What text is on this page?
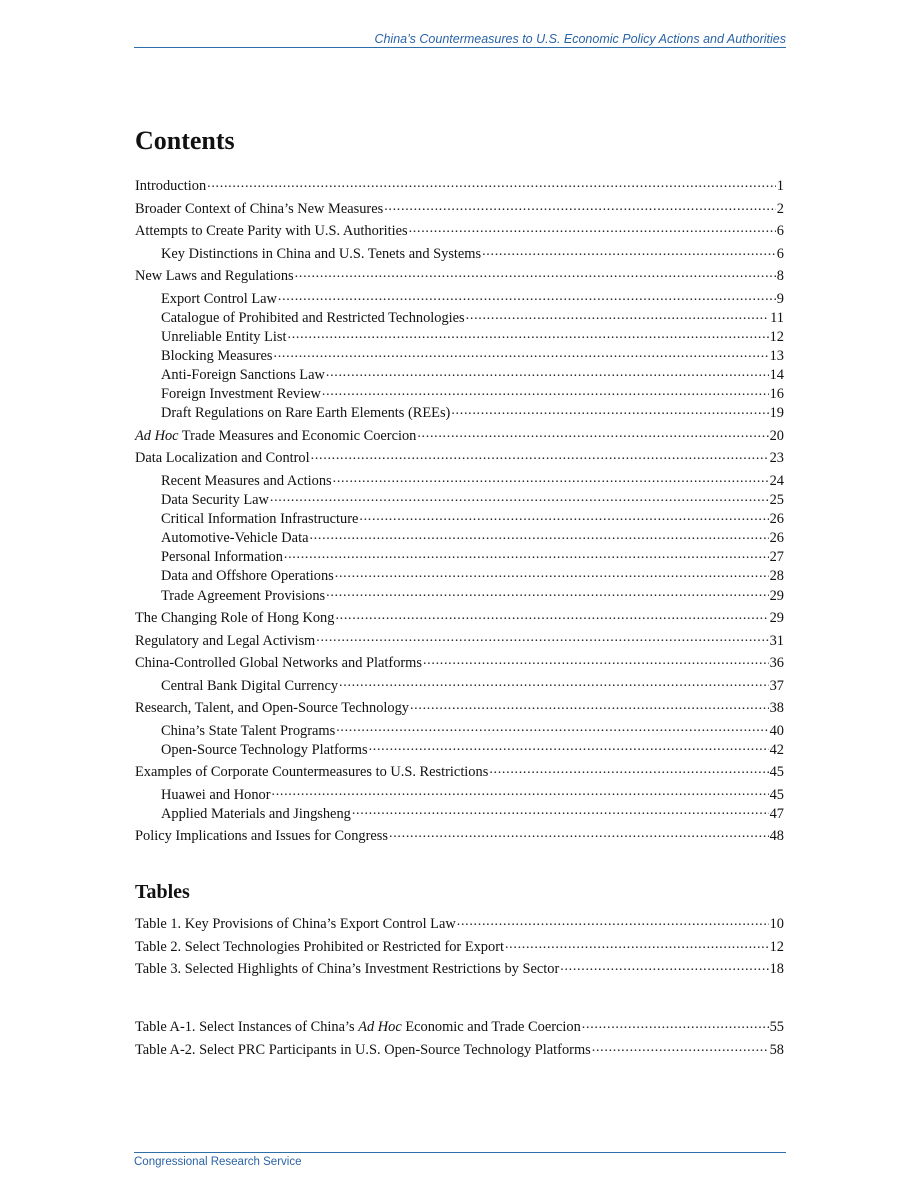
China’s Countermeasures to U.S. Economic Policy Actions and Authorities
Contents
Introduction . . .	1
Broader Context of China’s New Measures . . .	2
Attempts to Create Parity with U.S. Authorities . . .	6
Key Distinctions in China and U.S. Tenets and Systems . . .	6
New Laws and Regulations . . .	8
Export Control Law . . .	9
Catalogue of Prohibited and Restricted Technologies . . .	11
Unreliable Entity List . . .	12
Blocking Measures . . .	13
Anti-Foreign Sanctions Law . . .	14
Foreign Investment Review . . .	16
Draft Regulations on Rare Earth Elements (REEs) . . .	19
Ad Hoc Trade Measures and Economic Coercion . . .	20
Data Localization and Control . . .	23
Recent Measures and Actions . . .	24
Data Security Law . . .	25
Critical Information Infrastructure . . .	26
Automotive-Vehicle Data . . .	26
Personal Information . . .	27
Data and Offshore Operations . . .	28
Trade Agreement Provisions . . .	29
The Changing Role of Hong Kong . . .	29
Regulatory and Legal Activism . . .	31
China-Controlled Global Networks and Platforms . . .	36
Central Bank Digital Currency . . .	37
Research, Talent, and Open-Source Technology . . .	38
China’s State Talent Programs . . .	40
Open-Source Technology Platforms . . .	42
Examples of Corporate Countermeasures to U.S. Restrictions . . .	45
Huawei and Honor . . .	45
Applied Materials and Jingsheng . . .	47
Policy Implications and Issues for Congress . . .	48
Tables
Table 1. Key Provisions of China’s Export Control Law . . .	10
Table 2. Select Technologies Prohibited or Restricted for Export . . .	12
Table 3. Selected Highlights of China’s Investment Restrictions by Sector . . .	18
Table A-1. Select Instances of China’s Ad Hoc Economic and Trade Coercion . . .	55
Table A-2. Select PRC Participants in U.S. Open-Source Technology Platforms . . .	58
Congressional Research Service
